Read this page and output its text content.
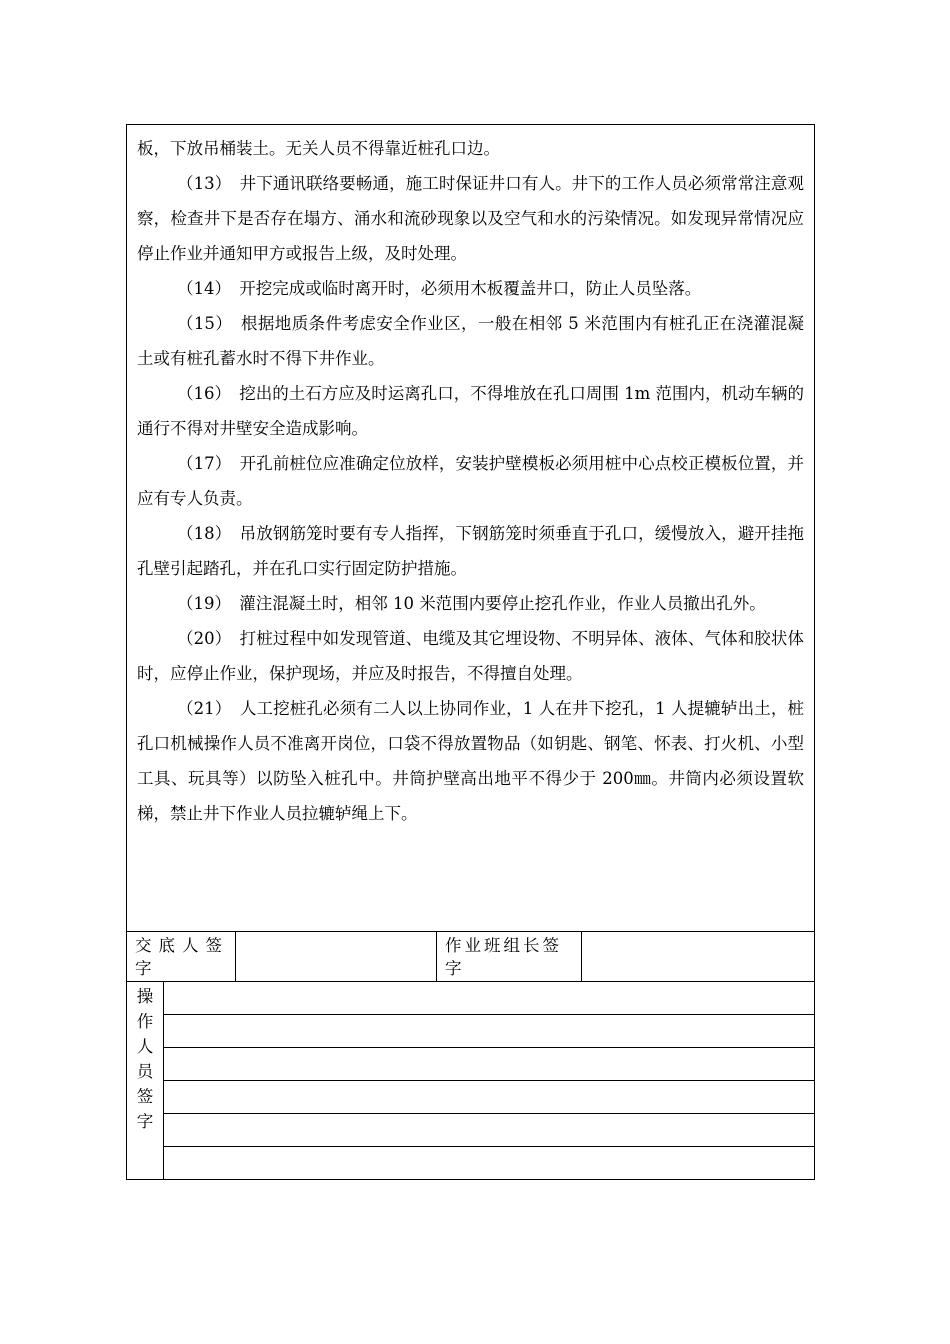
板，下放吊桶装土。无关人员不得靠近桩孔口边。

（13）　井下通讯联络要畅通，施工时保证井口有人。井下的工作人员必须常常注意观察，检查井下是否存在塌方、涌水和流砂现象以及空气和水的污染情况。如发现异常情况应停止作业并通知甲方或报告上级，及时处理。

（14）　开挖完成或临时离开时，必须用木板覆盖井口，防止人员坠落。

（15）　根据地质条件考虑安全作业区，一般在相邻 5 米范围内有桩孔正在浇灌混凝土或有桩孔蓄水时不得下井作业。

（16）　挖出的土石方应及时运离孔口，不得堆放在孔口周围 1m 范围内，机动车辆的通行不得对井壁安全造成影响。

（17）　开孔前桩位应准确定位放样，安装护壁模板必须用桩中心点校正模板位置，并应有专人负责。

（18）　吊放钢筋笼时要有专人指挥，下钢筋笼时须垂直于孔口，缓慢放入，避开挂拖孔壁引起踏孔，并在孔口实行固定防护措施。

（19）　灌注混凝土时，相邻 10 米范围内要停止挖孔作业，作业人员撤出孔外。

（20）　打桩过程中如发现管道、电缆及其它埋设物、不明异体、液体、气体和胶状体时，应停止作业，保护现场，并应及时报告，不得擅自处理。

（21）　人工挖桩孔必须有二人以上协同作业，1 人在井下挖孔，1 人提辘轳出土，桩孔口机械操作人员不准离开岗位，口袋不得放置物品（如钥匙、钢笔、怀表、打火机、小型工具、玩具等）以防坠入桩孔中。井筒护壁高出地平不得少于 200㎜。井筒内必须设置软梯，禁止井下作业人员拉辘轳绳上下。

交底人签字
作业班组长签字
操
作
人
员
签
字
